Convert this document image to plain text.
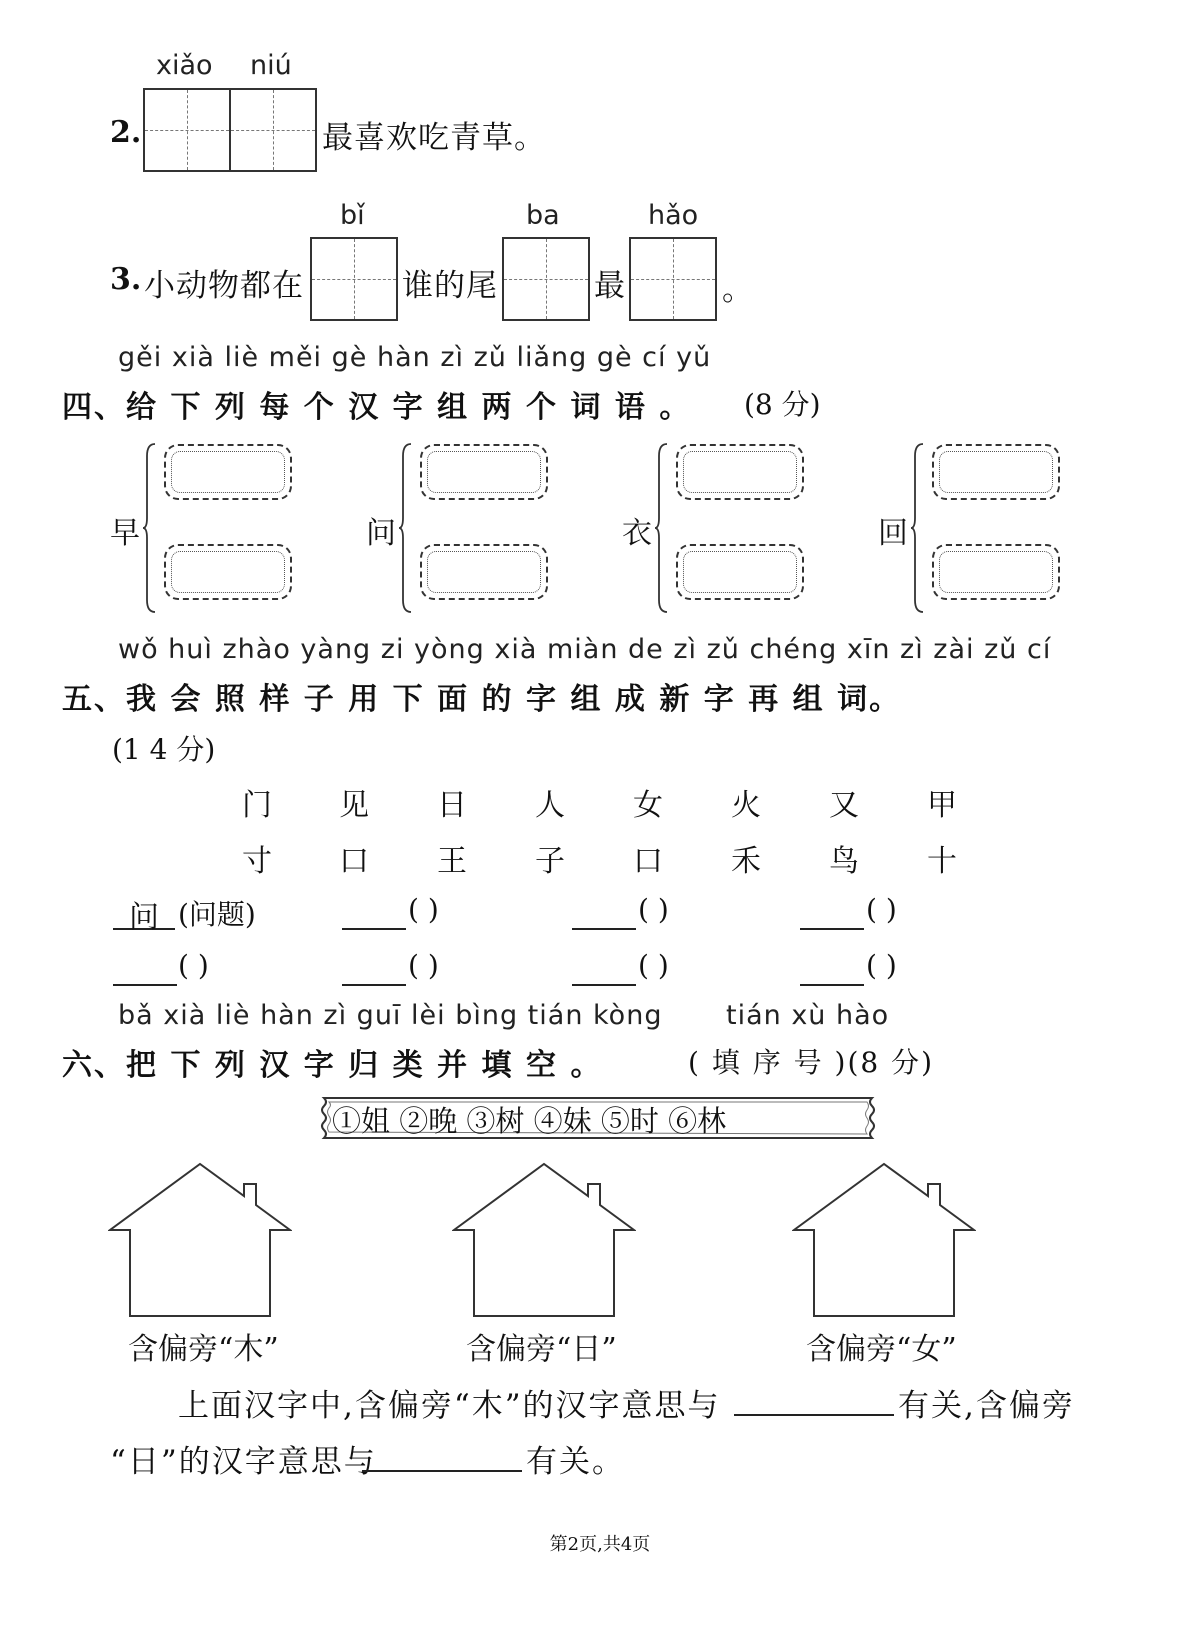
xiǎo niú
2.	最喜欢吃青草。
bǐ	ba	hǎo
3. 小动物都在	谁的尾	最	。
gěi xià liè měi gè hàn zì zǔ liǎng gè cí yǔ
四、给 下 列 每 个 汉 字 组 两 个 词 语 。 (8 分)
早	问	衣	回
wǒ huì zhào yàng zi yòng xià miàn de zì zǔ chéng xīn zì zài zǔ cí
五、我 会 照 样 子 用 下 面 的 字 组 成 新 字 再 组 词。
(1 4 分)
门 见 日 人 女 火 又 甲
寸 口 王 子 口 禾 鸟 十
问 (问题)	( )	( )	( )
( )	( )	( )	( )
bǎ xià liè hàn zì guī lèi bìng tián kòng tián xù hào
六、把 下 列 汉 字 归 类 并 填 空 。	( 填 序 号 )(8 分)
①姐 ②晚 ③树 ④妹 ⑤时 ⑥林
含偏旁“木”	含偏旁“日”	含偏旁“女”
上面汉字中,含偏旁“木”的汉字意思与	有关,含偏旁
“日”的汉字意思与	有关。
第2页,共4页
